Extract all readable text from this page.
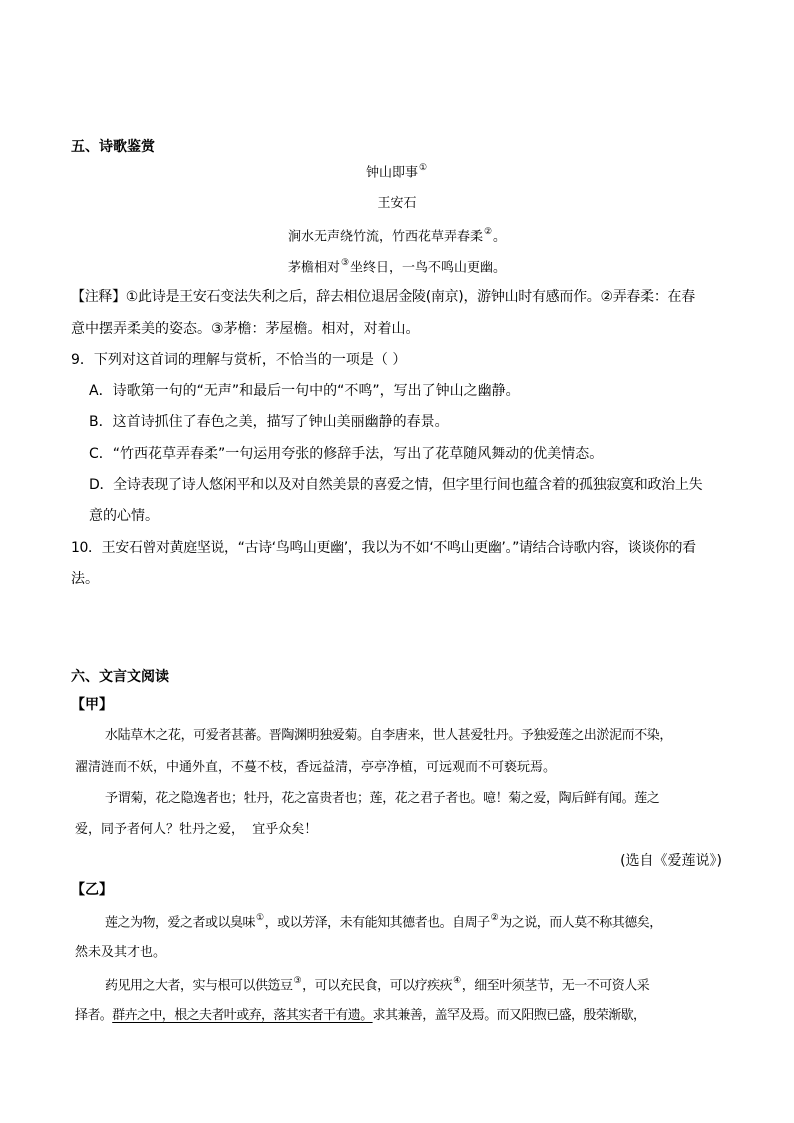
五、诗歌鉴赏
钟山即事①
王安石
涧水无声绕竹流，竹西花草弄春柔②。
茅檐相对③坐终日，一鸟不鸣山更幽。
【注释】①此诗是王安石变法失利之后，辞去相位退居金陵(南京)，游钟山时有感而作。②弄春柔：在春
意中摆弄柔美的姿态。③茅檐：茅屋檐。相对，对着山。
9．下列对这首词的理解与赏析，不恰当的一项是（ ）
A．诗歌第一句的“无声”和最后一句中的“不鸣”，写出了钟山之幽静。
B．这首诗抓住了春色之美，描写了钟山美丽幽静的春景。
C．“竹西花草弄春柔”一句运用夸张的修辞手法，写出了花草随风舞动的优美情态。
D．全诗表现了诗人悠闲平和以及对自然美景的喜爱之情，但字里行间也蕴含着的孤独寂寞和政治上失
意的心情。
10．王安石曾对黄庭坚说，“古诗‘鸟鸣山更幽’，我以为不如‘不鸣山更幽’。”请结合诗歌内容，谈谈你的看
法。
六、文言文阅读
【甲】
水陆草木之花，可爱者甚蕃。晋陶渊明独爱菊。自李唐来，世人甚爱牡丹。予独爱莲之出淤泥而不染，
濯清涟而不妖，中通外直，不蔓不枝，香远益清，亭亭净植，可远观而不可亵玩焉。
予谓菊，花之隐逸者也；牡丹，花之富贵者也；莲，花之君子者也。噫！菊之爱，陶后鲜有闻。莲之
爱，同予者何人？牡丹之爱，  宜乎众矣！
(选自《爱莲说》)
【乙】
莲之为物，爱之者或以臭味①，或以芳泽，未有能知其德者也。自周子②为之说，而人莫不称其德矣，
然未及其才也。
药见用之大者，实与根可以供笾豆③，可以充民食，可以疗疾疢④，细至叶须茎节，无一不可资人采
择者。群卉之中，根之夫者叶或弃，落其实者干有遗。求其兼善，盖罕及焉。而又阳煦已盛，殷荣渐歇，
